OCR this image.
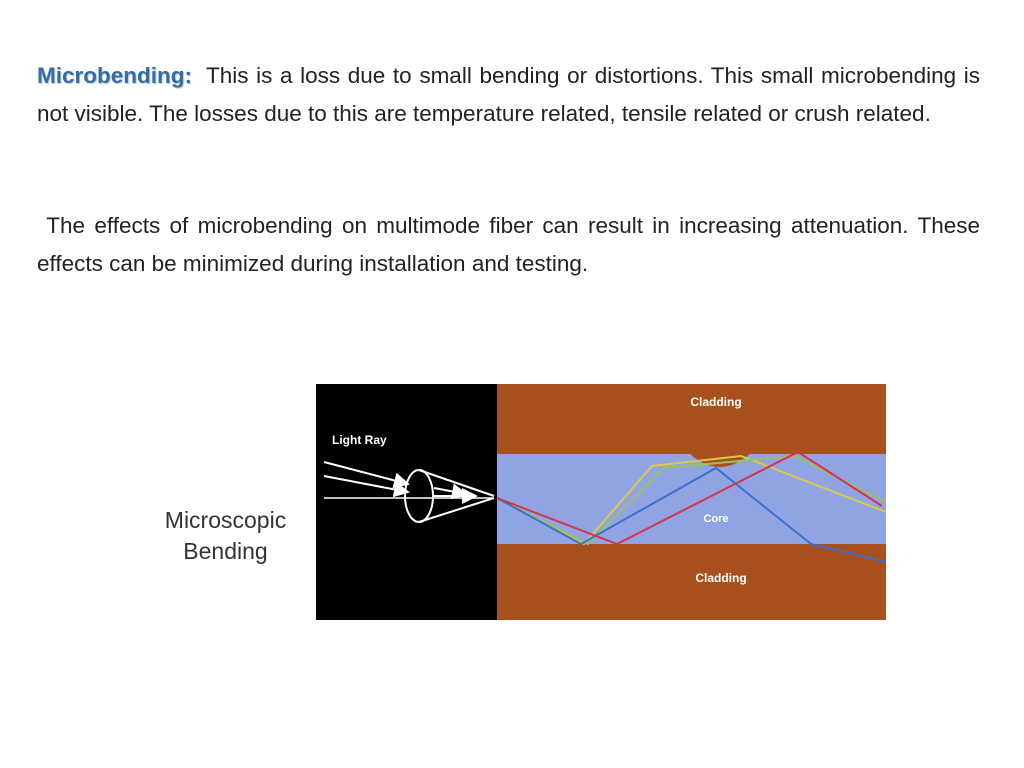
Microbending: This is a loss due to small bending or distortions. This small microbending is not visible. The losses due to this are temperature related, tensile related or crush related.

The effects of microbending on multimode fiber can result in increasing attenuation. These effects can be minimized during installation and testing.

Microscopic
Bending
Light Ray
Cladding
Core
Cladding
